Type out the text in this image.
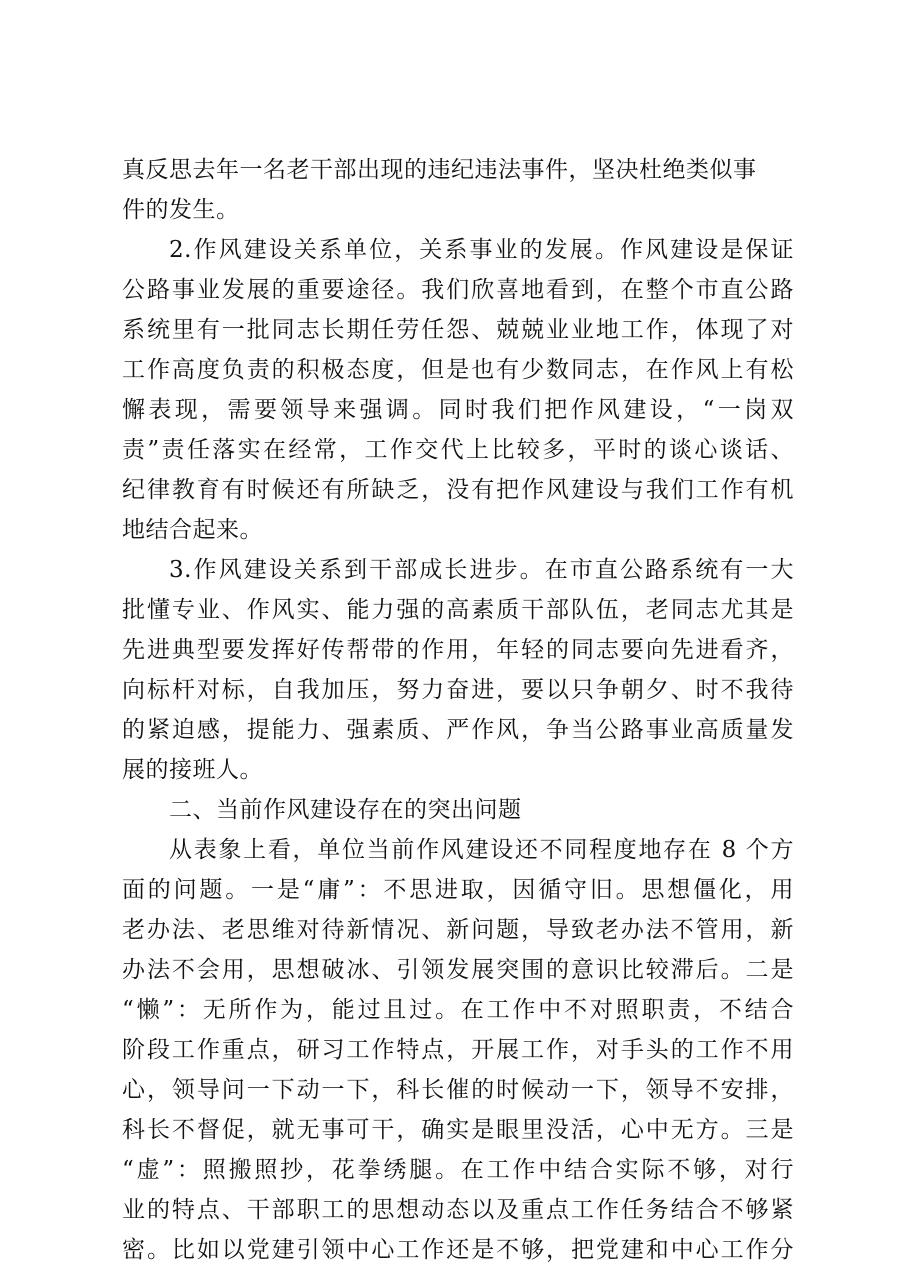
真反思去年一名老干部出现的违纪违法事件，坚决杜绝类似事
件的发生。
2.作风建设关系单位，关系事业的发展。作风建设是保证
公路事业发展的重要途径。我们欣喜地看到，在整个市直公路
系统里有一批同志长期任劳任怨、兢兢业业地工作，体现了对
工作高度负责的积极态度，但是也有少数同志，在作风上有松
懈表现，需要领导来强调。同时我们把作风建设，“一岗双
责”责任落实在经常，工作交代上比较多，平时的谈心谈话、
纪律教育有时候还有所缺乏，没有把作风建设与我们工作有机
地结合起来。
3.作风建设关系到干部成长进步。在市直公路系统有一大
批懂专业、作风实、能力强的高素质干部队伍，老同志尤其是
先进典型要发挥好传帮带的作用，年轻的同志要向先进看齐，
向标杆对标，自我加压，努力奋进，要以只争朝夕、时不我待
的紧迫感，提能力、强素质、严作风，争当公路事业高质量发
展的接班人。
二、当前作风建设存在的突出问题
从表象上看，单位当前作风建设还不同程度地存在 8 个方
面的问题。一是“庸”：不思进取，因循守旧。思想僵化，用
老办法、老思维对待新情况、新问题，导致老办法不管用，新
办法不会用，思想破冰、引领发展突围的意识比较滞后。二是
“懒”：无所作为，能过且过。在工作中不对照职责，不结合
阶段工作重点，研习工作特点，开展工作，对手头的工作不用
心，领导问一下动一下，科长催的时候动一下，领导不安排，
科长不督促，就无事可干，确实是眼里没活，心中无方。三是
“虚”：照搬照抄，花拳绣腿。在工作中结合实际不够，对行
业的特点、干部职工的思想动态以及重点工作任务结合不够紧
密。比如以党建引领中心工作还是不够，把党建和中心工作分
